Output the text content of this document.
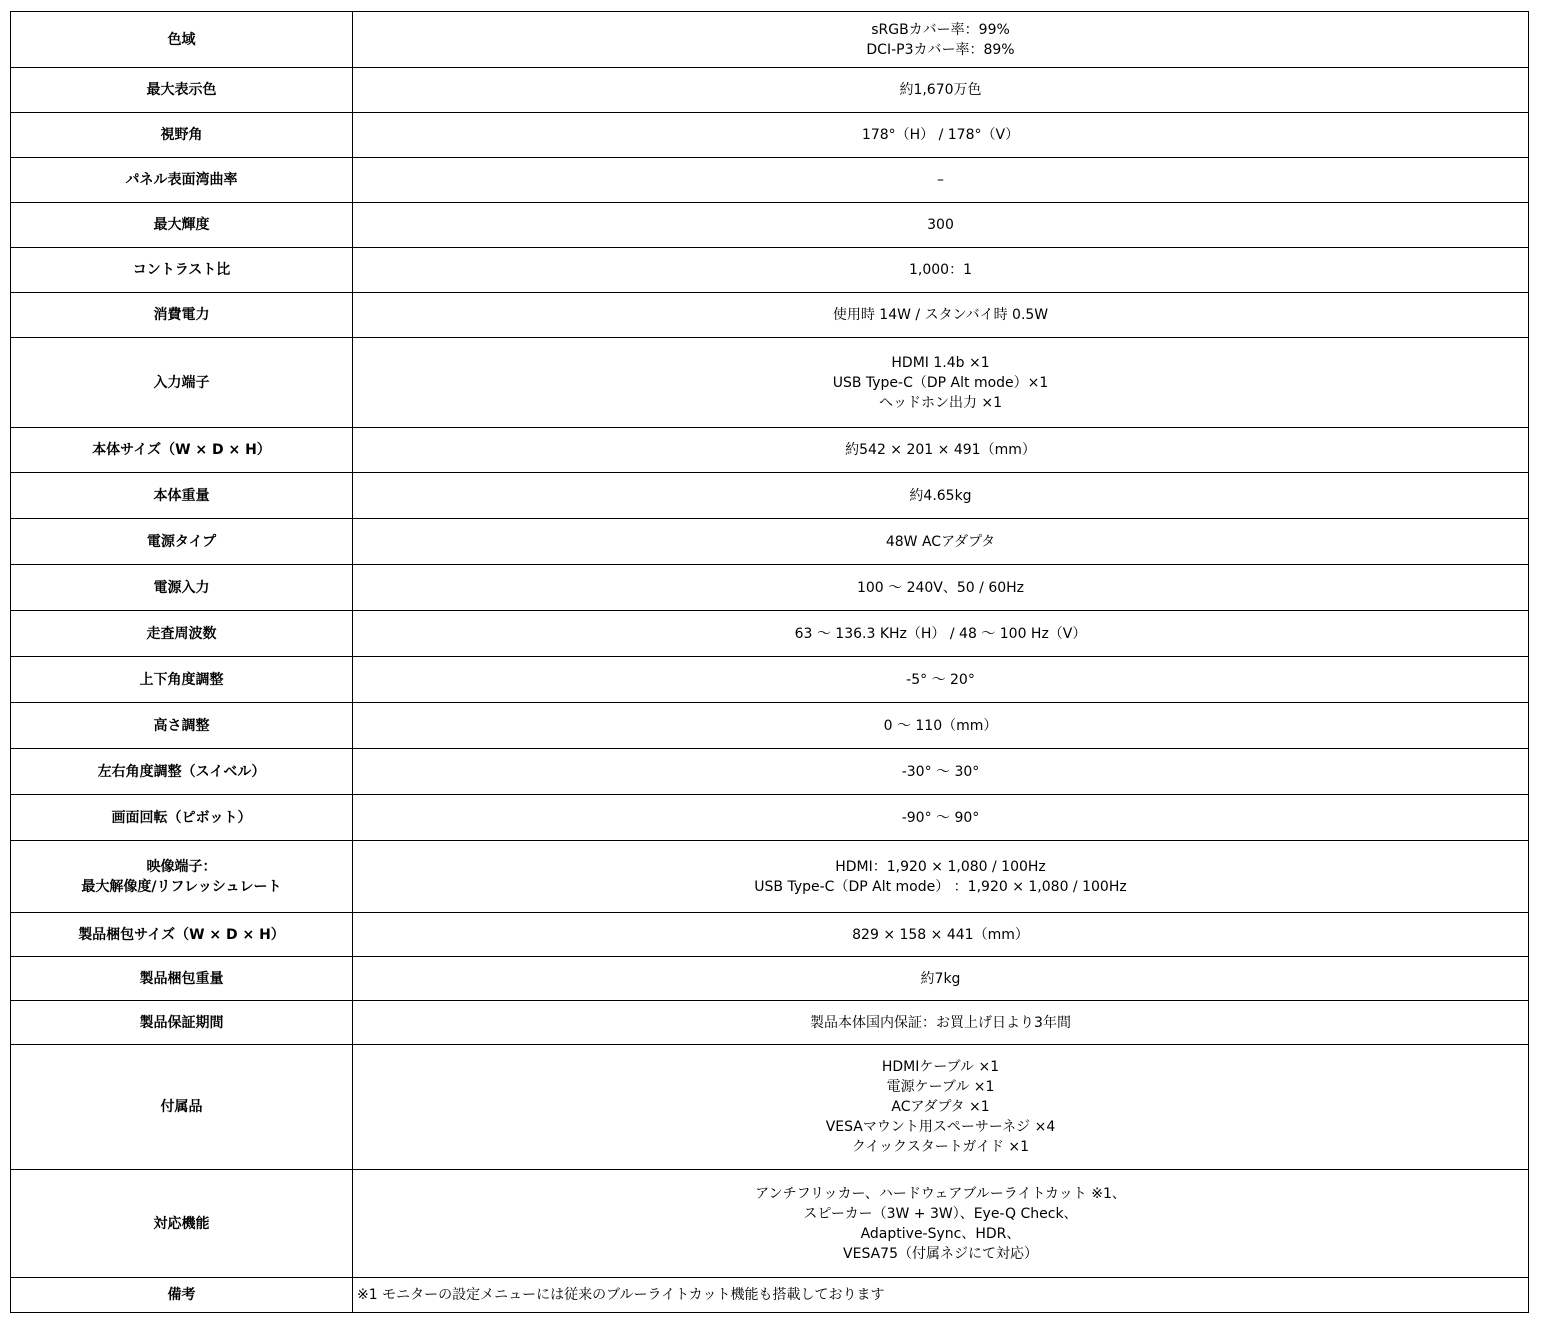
色域	sRGBカバー率：99%
DCI-P3カバー率：89%

最大表示色	約1,670万色

視野角	178°（H） / 178°（V）

パネル表面湾曲率	–

最大輝度	300

コントラスト比	1,000：1

消費電力	使用時 14W / スタンバイ時 0.5W

入力端子	HDMI 1.4b ×1
USB Type-C（DP Alt mode）×1
ヘッドホン出力 ×1

本体サイズ（W × D × H）	約542 × 201 × 491（mm）

本体重量	約4.65kg

電源タイプ	48W ACアダプタ

電源入力	100 ～ 240V、50 / 60Hz

走査周波数	63 ～ 136.3 KHz（H） / 48 ～ 100 Hz（V）

上下角度調整	-5° ～ 20°

高さ調整	0 ～ 110（mm）

左右角度調整（スイベル）	-30° ～ 30°

画面回転（ピボット）	-90° ～ 90°

映像端子：
最大解像度/リフレッシュレート	HDMI：1,920 × 1,080 / 100Hz
USB Type-C（DP Alt mode） ：1,920 × 1,080 / 100Hz

製品梱包サイズ（W × D × H）	829 × 158 × 441（mm）

製品梱包重量	約7kg

製品保証期間	製品本体国内保証：お買上げ日より3年間

付属品	HDMIケーブル ×1
電源ケーブル ×1
ACアダプタ ×1
VESAマウント用スペーサーネジ ×4
クイックスタートガイド ×1

対応機能	アンチフリッカー、ハードウェアブルーライトカット ※1、
スピーカー（3W + 3W）、Eye-Q Check、
Adaptive-Sync、HDR、
VESA75（付属ネジにて対応）

備考	※1 モニターの設定メニューには従来のブルーライトカット機能も搭載しております
